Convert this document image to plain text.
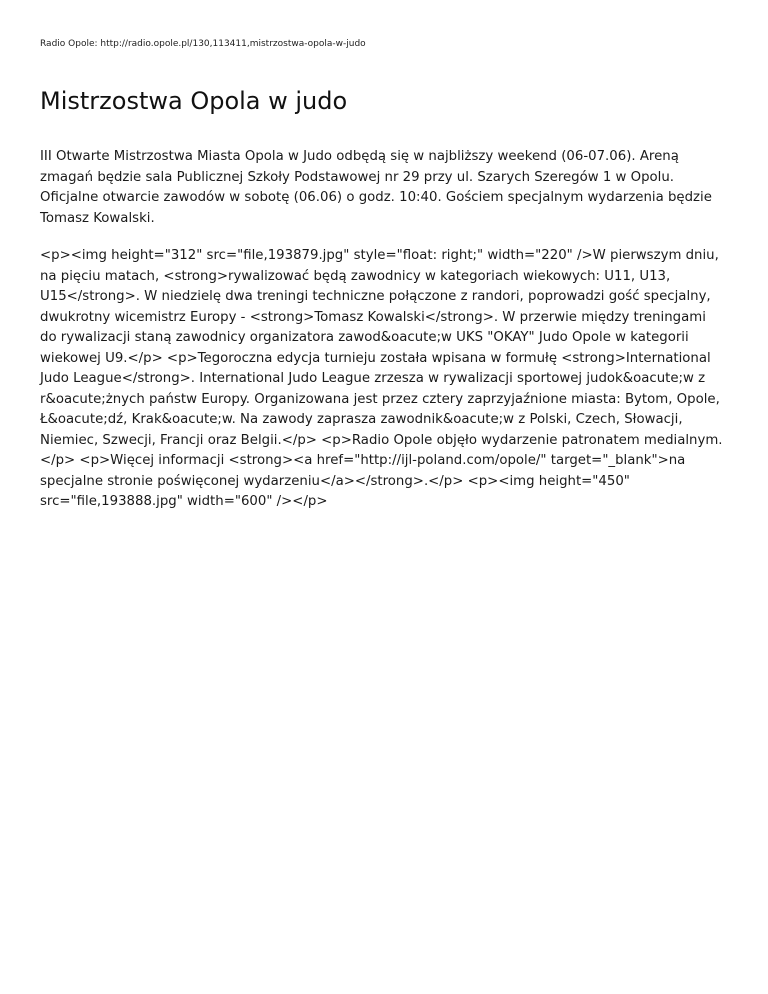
Radio Opole: http://radio.opole.pl/130,113411,mistrzostwa-opola-w-judo
Mistrzostwa Opola w judo

III Otwarte Mistrzostwa Miasta Opola w Judo odbędą się w najbliższy weekend (06-07.06). Areną zmagań będzie sala Publicznej Szkoły Podstawowej nr 29 przy ul. Szarych Szeregów 1 w Opolu. Oficjalne otwarcie zawodów w sobotę (06.06) o godz. 10:40. Gościem specjalnym wydarzenia będzie Tomasz Kowalski.

<p><img height="312" src="file,193879.jpg" style="float: right;" width="220" />W pierwszym dniu, na pięciu matach, <strong>rywalizować będą zawodnicy w kategoriach wiekowych: U11, U13, U15</strong>. W niedzielę dwa treningi techniczne połączone z randori, poprowadzi gość specjalny, dwukrotny wicemistrz Europy - <strong>Tomasz Kowalski</strong>. W przerwie między treningami do rywalizacji staną zawodnicy organizatora zawod&oacute;w UKS "OKAY" Judo Opole w kategorii wiekowej U9.</p> <p>Tegoroczna edycja turnieju została wpisana w formułę <strong>International Judo League</strong>. International Judo League zrzesza w rywalizacji sportowej judok&oacute;w z r&oacute;żnych państw Europy. Organizowana jest przez cztery zaprzyjaźnione miasta: Bytom, Opole, Ł&oacute;dź, Krak&oacute;w. Na zawody zaprasza zawodnik&oacute;w z Polski, Czech, Słowacji, Niemiec, Szwecji, Francji oraz Belgii.</p> <p>Radio Opole objęło wydarzenie patronatem medialnym.</p> <p>Więcej informacji <strong><a href="http://ijl-poland.com/opole/" target="_blank">na specjalne stronie poświęconej wydarzeniu</a></strong>.</p> <p><img height="450" src="file,193888.jpg" width="600" /></p>
